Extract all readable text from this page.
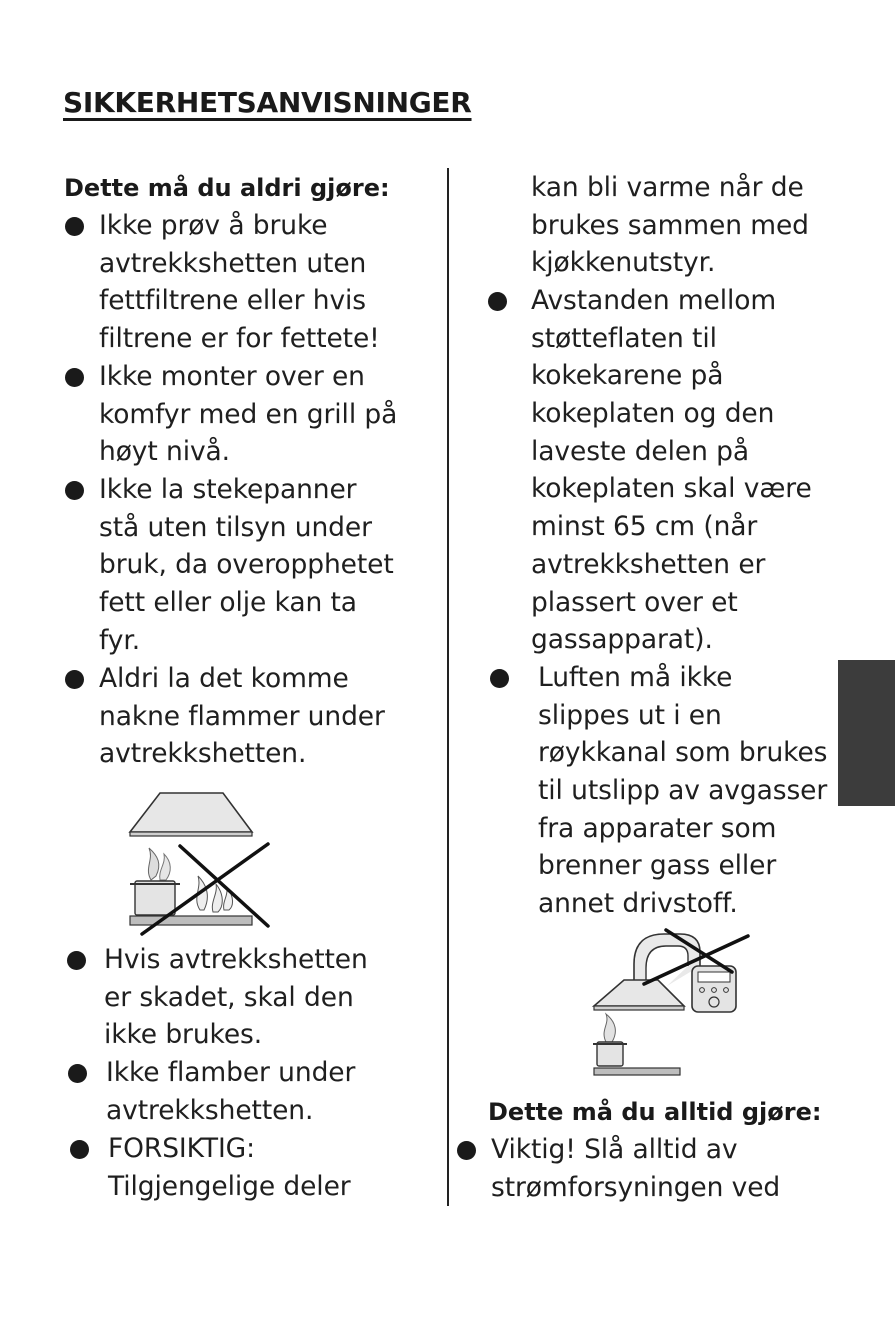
SIKKERHETSANVISNINGER
Dette må du aldri gjøre:
Ikke prøv å bruke
avtrekkshetten uten
fettfiltrene eller hvis
filtrene er for fettete!
Ikke monter over en
komfyr med en grill på
høyt nivå.
Ikke la stekepanner
stå uten tilsyn under
bruk, da overopphetet
fett eller olje kan ta
fyr.
Aldri la det komme
nakne flammer under
avtrekkshetten.
Hvis avtrekkshetten
er skadet, skal den
ikke brukes.
Ikke flamber under
avtrekkshetten.
FORSIKTIG:
Tilgjengelige deler
kan bli varme når de
brukes sammen med
kjøkkenutstyr.
Avstanden mellom
støtteflaten til
kokekarene på
kokeplaten og den
laveste delen på
kokeplaten skal være
minst 65 cm (når
avtrekkshetten er
plassert over et
gassapparat).
Luften må ikke
slippes ut i en
røykkanal som brukes
til utslipp av avgasser
fra apparater som
brenner gass eller
annet drivstoff.
Dette må du alltid gjøre:
Viktig! Slå alltid av
strømforsyningen ved
